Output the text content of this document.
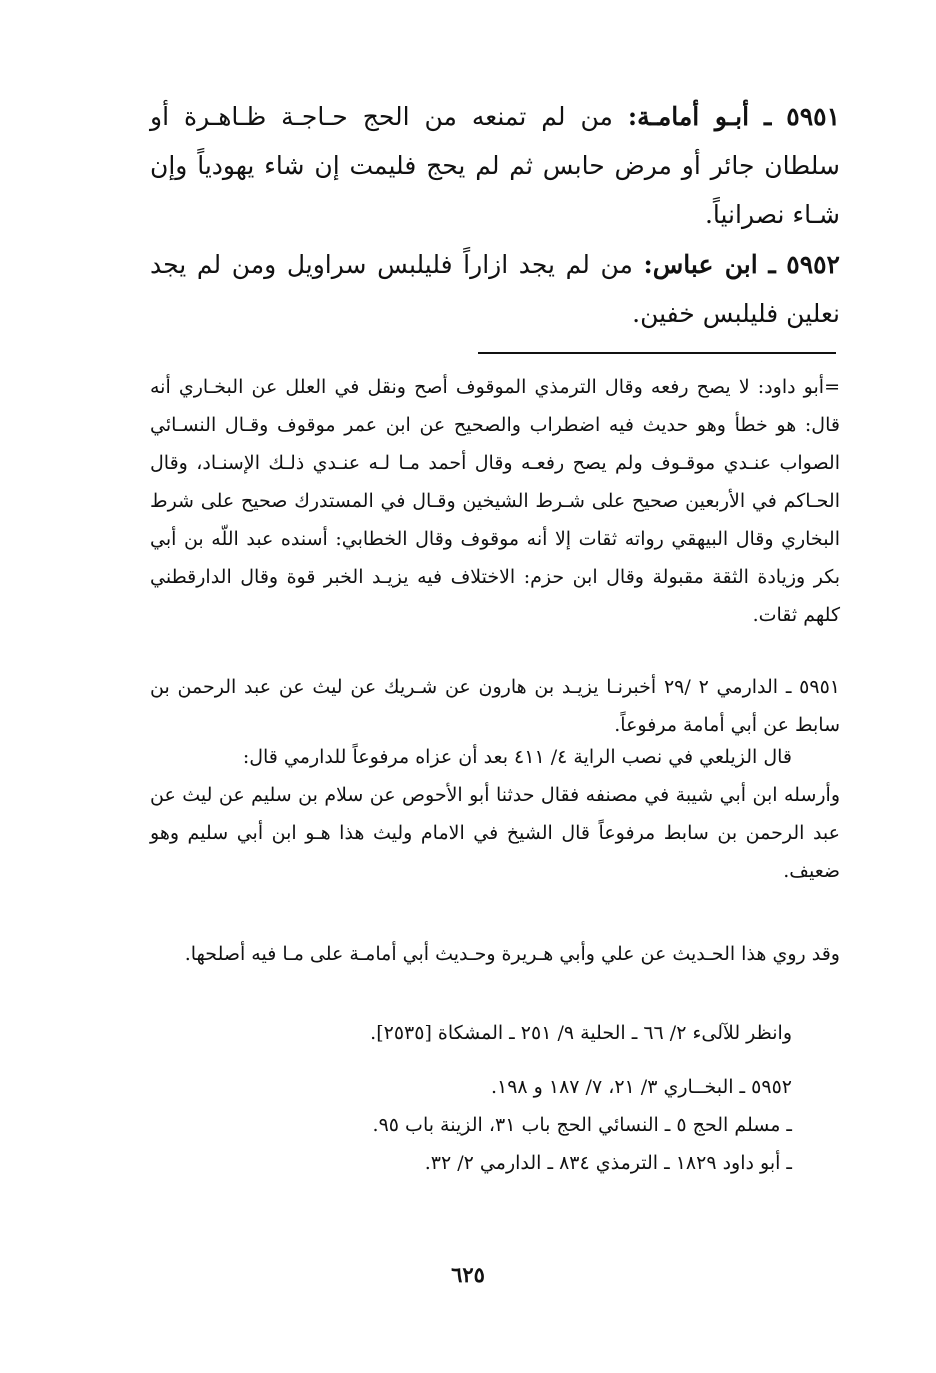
٥٩٥١ ـ أبـو أمامـة: من لم تمنعه من الحج حـاجـة ظـاهـرة أو سلطان جائر أو مرض حابس ثم لم يحج فليمت إن شاء يهودياً وإن شـاء نصرانياً.
٥٩٥٢ ـ ابن عباس: من لم يجد ازاراً فليلبس سراويل ومن لم يجد نعلين فليلبس خفين.
=أبو داود: لا يصح رفعه وقال الترمذي الموقوف أصح ونقل في العلل عن البخـاري أنه قال: هو خطأ وهو حديث فيه اضطراب والصحيح عن ابن عمر موقوف وقـال النسـائي الصواب عنـدي موقـوف ولم يصح رفعـه وقال أحمد مـا لـه عنـدي ذلـك الإسنـاد، وقال الحـاكم في الأربعين صحيح على شـرط الشيخين وقـال في المستدرك صحيح على شرط البخاري وقال البيهقي رواته ثقات إلا أنه موقوف وقال الخطابي: أسنده عبد اللّه بن أبي بكر وزيادة الثقة مقبولة وقال ابن حزم: الاختلاف فيه يزيـد الخبر قوة وقال الدارقطني كلهم ثقات.
٥٩٥١ ـ الدارمي ٢ /٢٩ أخبرنـا يزيـد بن هارون عن شـريك عن ليث عن عبد الرحمن بن سابط عن أبي أمامة مرفوعاً.
قال الزيلعي في نصب الراية ٤/ ٤١١ بعد أن عزاه مرفوعاً للدارمي قال:
وأرسله ابن أبي شيبة في مصنفه فقال حدثنا أبو الأحوص عن سلام بن سليم عن ليث عن عبد الرحمن بن سابط مرفوعاً قال الشيخ في الامام وليث هذا هـو ابن أبي سليم وهو ضعيف.
وقد روي هذا الحـديث عن علي وأبي هـريرة وحـديث أبي أمامـة على مـا فيه أصلحها.
وانظر للآلىء ٢/ ٦٦ ـ الحلية ٩/ ٢٥١ ـ المشكاة [٢٥٣٥].
٥٩٥٢ ـ البخــاري ٣/ ٢١، ٧/ ١٨٧ و ١٩٨.
ـ مسلم الحج ٥ ـ النسائي الحج باب ٣١، الزينة باب ٩٥.
ـ أبو داود ١٨٢٩ ـ الترمذي ٨٣٤ ـ الدارمي ٢/ ٣٢.
٦٢٥
